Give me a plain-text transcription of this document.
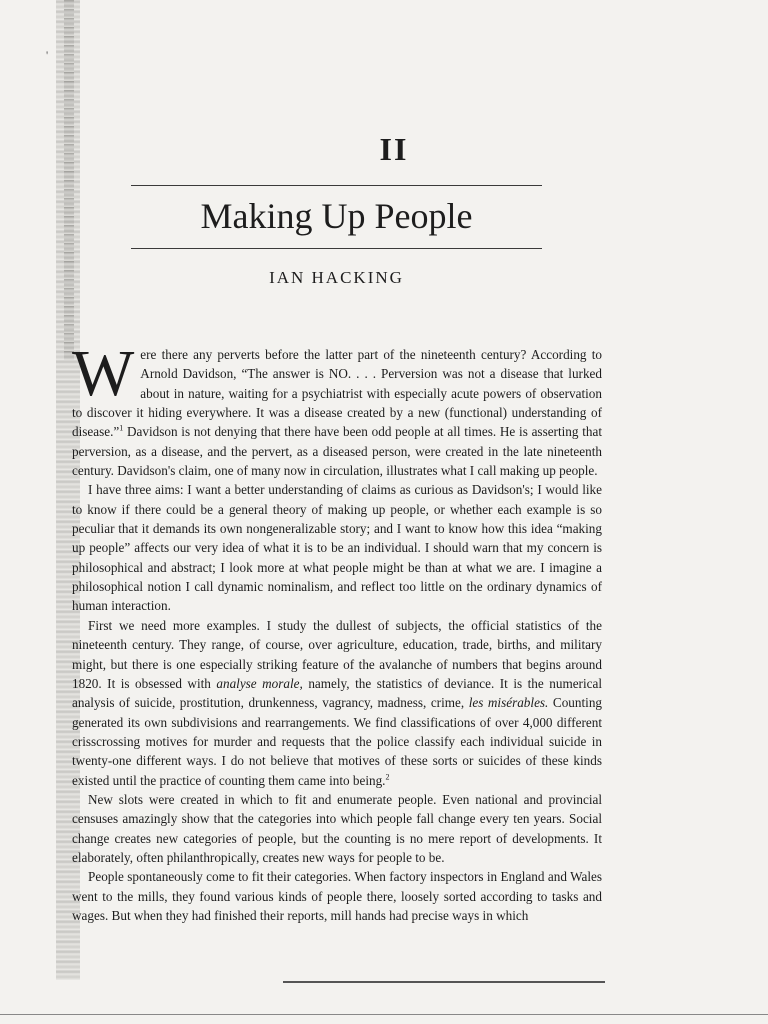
'
II
Making Up People
IAN HACKING

Were there any perverts before the latter part of the nineteenth century? According to Arnold Davidson, “The answer is NO. . . . Perversion was not a disease that lurked about in nature, waiting for a psychiatrist with especially acute powers of observation to discover it hiding everywhere. It was a disease created by a new (functional) understanding of disease.”$^1$ Davidson is not denying that there have been odd people at all times. He is asserting that perversion, as a disease, and the pervert, as a diseased person, were created in the late nineteenth century. Davidson's claim, one of many now in circulation, illustrates what I call making up people.

I have three aims: I want a better understanding of claims as curious as Davidson's; I would like to know if there could be a general theory of making up people, or whether each example is so peculiar that it demands its own nongeneralizable story; and I want to know how this idea “making up people” affects our very idea of what it is to be an individual. I should warn that my concern is philosophical and abstract; I look more at what people might be than at what we are. I imagine a philosophical notion I call dynamic nominalism, and reflect too little on the ordinary dynamics of human interaction.

First we need more examples. I study the dullest of subjects, the official statistics of the nineteenth century. They range, of course, over agriculture, education, trade, births, and military might, but there is one especially striking feature of the avalanche of numbers that begins around 1820. It is obsessed with analyse morale, namely, the statistics of deviance. It is the numerical analysis of suicide, prostitution, drunkenness, vagrancy, madness, crime, les misérables. Counting generated its own subdivisions and rearrangements. We find classifications of over 4,000 different crisscrossing motives for murder and requests that the police classify each individual suicide in twenty-one different ways. I do not believe that motives of these sorts or suicides of these kinds existed until the practice of counting them came into being.$^2$

New slots were created in which to fit and enumerate people. Even national and provincial censuses amazingly show that the categories into which people fall change every ten years. Social change creates new categories of people, but the counting is no mere report of developments. It elaborately, often philanthropically, creates new ways for people to be.

People spontaneously come to fit their categories. When factory inspectors in England and Wales went to the mills, they found various kinds of people there, loosely sorted according to tasks and wages. But when they had finished their reports, mill hands had precise ways in which
